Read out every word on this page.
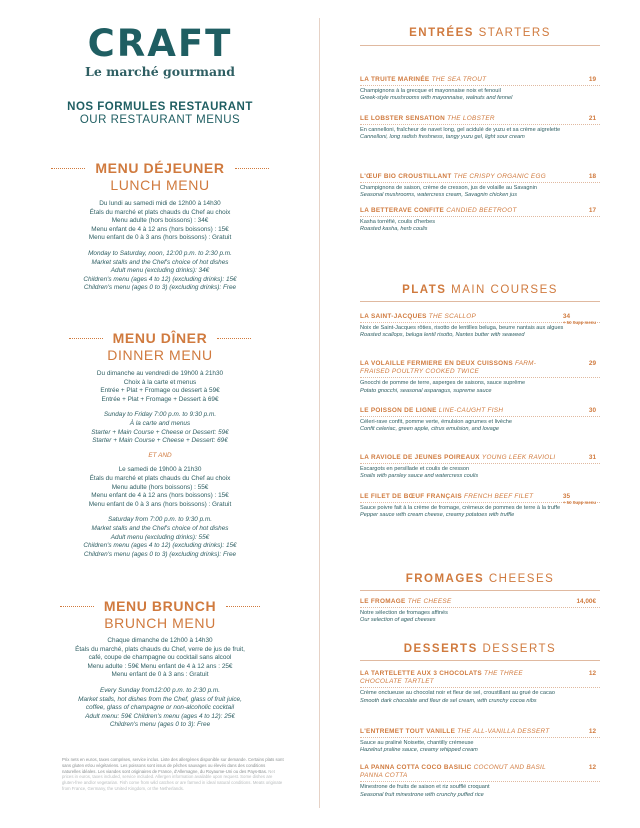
CRAFT
Le marché gourmand
NOS FORMULES RESTAURANT
OUR RESTAURANT MENUS
MENU DÉJEUNER
LUNCH MENU
Du lundi au samedi midi de 12h00 à 14h30
Étals du marché et plats chauds du Chef au choix
Menu adulte (hors boissons) : 34€
Menu enfant de 4 à 12 ans (hors boissons) : 15€
Menu enfant de 0 à 3 ans (hors boissons) : Gratuit
Monday to Saturday, noon, 12:00 p.m. to 2:30 p.m.
Market stalls and the Chef's choice of hot dishes
Adult menu (excluding drinks): 34€
Children's menu (ages 4 to 12) (excluding drinks): 15€
Children's menu (ages 0 to 3) (excluding drinks): Free
MENU DÎNER
DINNER MENU
Du dimanche au vendredi de 19h00 à 21h30
Choix à la carte et menus
Entrée + Plat + Fromage ou dessert à 59€
Entrée + Plat + Fromage + Dessert à 69€
Sunday to Friday 7:00 p.m. to 9:30 p.m.
À la carte and menus
Starter + Main Course + Cheese or Dessert: 59€
Starter + Main Course + Cheese + Dessert: 69€
ET AND
Le samedi de 19h00 à 21h30
Étals du marché et plats chauds du Chef au choix
Menu adulte (hors boissons) : 55€
Menu enfant de 4 à 12 ans (hors boissons) : 15€
Menu enfant de 0 à 3 ans (hors boissons) : Gratuit
Saturday from 7:00 p.m. to 9:30 p.m.
Market stalls and the Chef's choice of hot dishes
Adult menu (excluding drinks): 55€
Children's menu (ages 4 to 12) (excluding drinks): 15€
Children's menu (ages 0 to 3) (excluding drinks): Free
MENU BRUNCH
BRUNCH MENU
Chaque dimanche de 12h00 à 14h30
Étals du marché, plats chauds du Chef, verre de jus de fruit,
café, coupe de champagne ou cocktail sans alcool
Menu adulte : 59€ Menu enfant de 4 à 12 ans : 25€
Menu enfant de 0 à 3 ans : Gratuit
Every Sunday from12:00 p.m. to 2:30 p.m.
Market stalls, hot dishes from the Chef, glass of fruit juice,
coffee, glass of champagne or non-alcoholic cocktail
Adult menu: 59€ Children's menu (ages 4 to 12): 25€
Children's menu (ages 0 to 3): Free
Prix nets en euros, taxes comprises, service inclus. Liste des allergènes disponible sur demande. Certains plats sont sans gluten et/ou végétariens. Les poissons sont issus de pêches sauvages ou élevés dans des conditions naturelles idéales. Les viandes sont originaires de France, d'Allemagne, du Royaume-Uni ou des Pays-Bas. Net prices in euros, taxes included, service included. Allergen information available upon request. Some dishes are gluten-free and/or vegetarian. Fish come from wild catches or are farmed in ideal natural conditions. Meats originate from France, Germany, the United Kingdom, or the Netherlands.
ENTRÉES STARTERS
LA TRUITE MARINÉE THE SEA TROUT	19
Champignons à la grecque et mayonnaise noix et fenouil
Greek-style mushrooms with mayonnaise, walnuts and fennel
LE LOBSTER SENSATION THE LOBSTER	21
En cannelloni, fraîcheur de navet long, gel acidulé de yuzu et sa crème aigrelette
Cannelloni, long radish freshness, tangy yuzu gel, light sour cream
L'ŒUF BIO CROUSTILLANT THE CRISPY ORGANIC EGG	18
Champignons de saison, crème de cresson, jus de volaille au Savagnin
Seasonal mushrooms, watercress cream, Savagnin chicken jus
LA BETTERAVE CONFITE CANDIED BEETROOT	17
Kasha torréfié, coulis d'herbes
Roasted kasha, herb coulis
PLATS MAIN COURSES
LA SAINT-JACQUES THE SCALLOP	34
+ 5€ Supp menu
Noix de Saint-Jacques rôties, risotto de lentilles beluga, beurre nantais aux algues
Roasted scallops, beluga lentil risotto, Nantes butter with seaweed
LA VOLAILLE FERMIERE EN DEUX CUISSONS FARM-FRAISED POULTRY COOKED TWICE
29
Gnocchi de pomme de terre, asperges de saisons, sauce suprême
Potato gnocchi, seasonal asparagus, supreme sauce
LE POISSON DE LIGNE LINE-CAUGHT FISH	30
Céleri-rave confit, pomme verte, émulsion agrumes et livèche
Confit celeriac, green apple, citrus emulsion, and lovage
LA RAVIOLE DE JEUNES POIREAUX YOUNG LEEK RAVIOLI	31
Escargots en persillade et coulis de cresson
Snails with parsley sauce and watercress coulis
LE FILET DE BŒUF FRANÇAIS FRENCH BEEF FILET	35
+ 5€ Supp menu
Sauce poivre fait à la crème de fromage, crémeux de pommes de terre à la truffe
Pepper sauce with cream cheese, creamy potatoes with truffle
FROMAGES CHEESES
LE FROMAGE THE CHEESE	14,00€
Notre sélection de fromages affinés
Our selection of aged cheeses
DESSERTS DESSERTS
LA TARTELETTE AUX 3 CHOCOLATS THE THREE CHOCOLATE TARTLET
12
Crème onctueuse au chocolat noir et fleur de sel, croustillant au grué de cacao
Smooth dark chocolate and fleur de sel cream, with crunchy cocoa nibs
L'ENTREMET TOUT VANILLE THE ALL-VANILLA DESSERT	12
Sauce au praliné Noisette, chantilly crémeuse
Hazelnut praline sauce, creamy whipped cream
LA PANNA COTTA COCO BASILIC COCONUT AND BASIL PANNA COTTA
12
Minestrone de fruits de saison et riz soufflé croquant
Seasonal fruit minestrone with crunchy puffed rice
